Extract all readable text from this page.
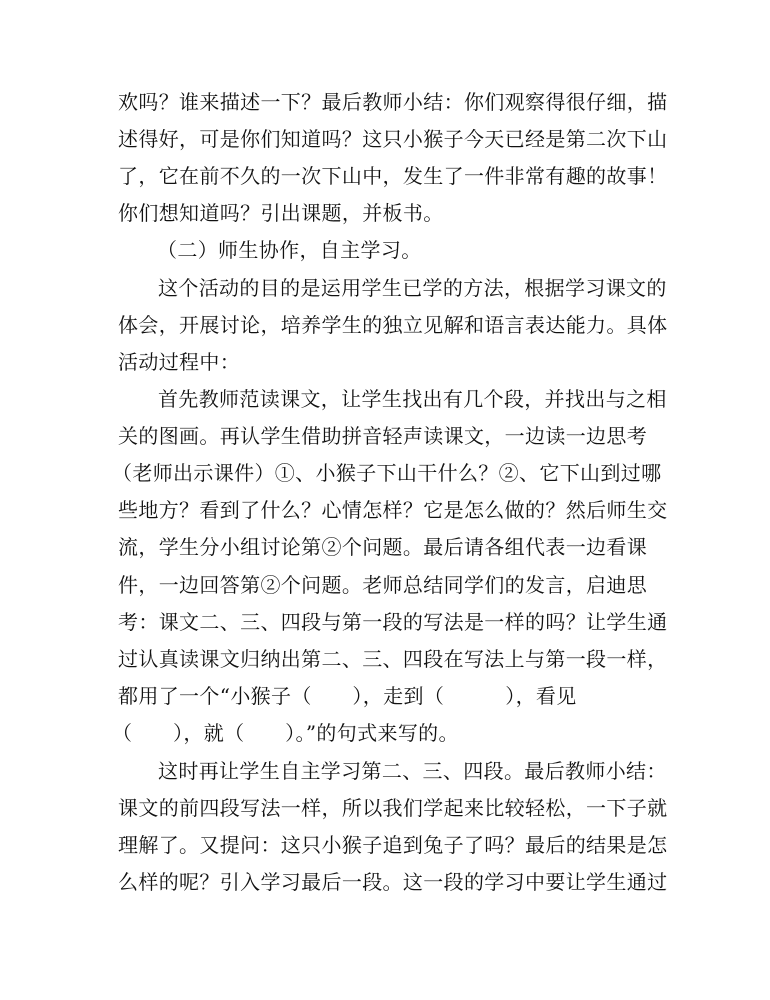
欢吗？谁来描述一下？最后教师小结：你们观察得很仔细，描
述得好，可是你们知道吗？这只小猴子今天已经是第二次下山
了，它在前不久的一次下山中，发生了一件非常有趣的故事！
你们想知道吗？引出课题，并板书。
（二）师生协作，自主学习。
这个活动的目的是运用学生已学的方法，根据学习课文的
体会，开展讨论，培养学生的独立见解和语言表达能力。具体
活动过程中：
首先教师范读课文，让学生找出有几个段，并找出与之相
关的图画。再认学生借助拼音轻声读课文，一边读一边思考
（老师出示课件）①、小猴子下山干什么？②、它下山到过哪
些地方？看到了什么？心情怎样？它是怎么做的？然后师生交
流，学生分小组讨论第②个问题。最后请各组代表一边看课
件，一边回答第②个问题。老师总结同学们的发言，启迪思
考：课文二、三、四段与第一段的写法是一样的吗？让学生通
过认真读课文归纳出第二、三、四段在写法上与第一段一样，
都用了一个“小猴子（　　），走到（　　　），看见
（　　），就（　　）。”的句式来写的。
这时再让学生自主学习第二、三、四段。最后教师小结：
课文的前四段写法一样，所以我们学起来比较轻松，一下子就
理解了。又提问：这只小猴子追到兔子了吗？最后的结果是怎
么样的呢？引入学习最后一段。这一段的学习中要让学生通过
